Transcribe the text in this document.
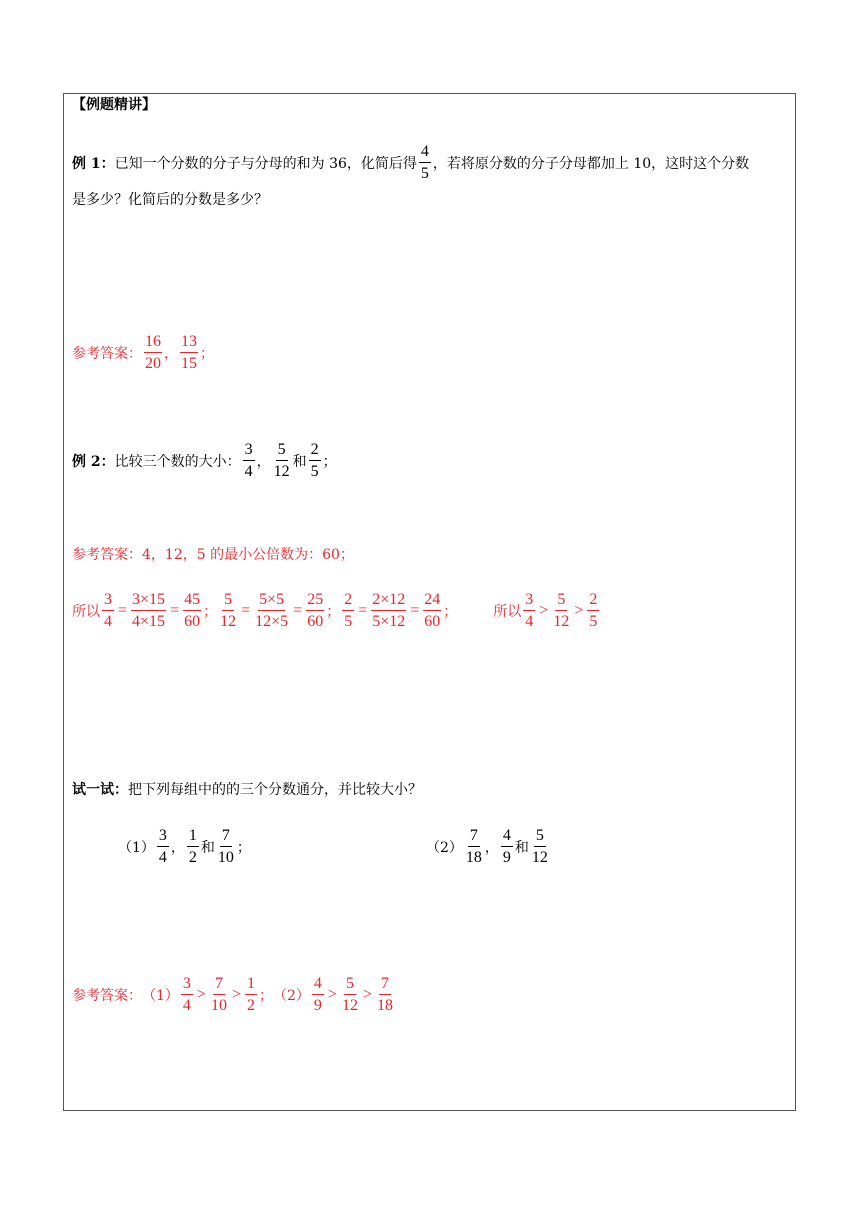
【例题精讲】
例 1 ： 已知一个分数的分子与分母的和为 36，化简后得 $\frac{4}{5}$ ，若将原分数的分子分母都加上 10，这时这个分数
是多少？化简后的分数是多少？
参考答案： $\frac{16}{20}$ ， $\frac{13}{15}$ ；
例 2 ： 比较三个数的大小： $\frac{3}{4}$ ， $\frac{5}{12}$ 和 $\frac{2}{5}$ ；
参考答案：4，12，5 的最小公倍数为：60；
所以 $\frac{3}{4} = \frac{3\times 15}{4\times 15} = \frac{45}{60}$ ； $\frac{5}{12} = \frac{5\times 5}{12\times 5} = \frac{25}{60}$ ； $\frac{2}{5} = \frac{2\times 12}{5\times 12} = \frac{24}{60}$ ；	所以 $\frac{3}{4} > \frac{5}{12} > \frac{2}{5}$
试一试 ： 把下列每组中的的三个分数通分，并比较大小？
$(1) \frac{3}{4}$ ， $\frac{1}{2}$ 和 $\frac{7}{10}$ ；	$(2) \frac{7}{18}$ ， $\frac{4}{9}$ 和 $\frac{5}{12}$
参考答案： $(1) \frac{3}{4} > \frac{7}{10} > \frac{1}{2}$ ； $(2) \frac{4}{9} > \frac{5}{12} > \frac{7}{18}$
